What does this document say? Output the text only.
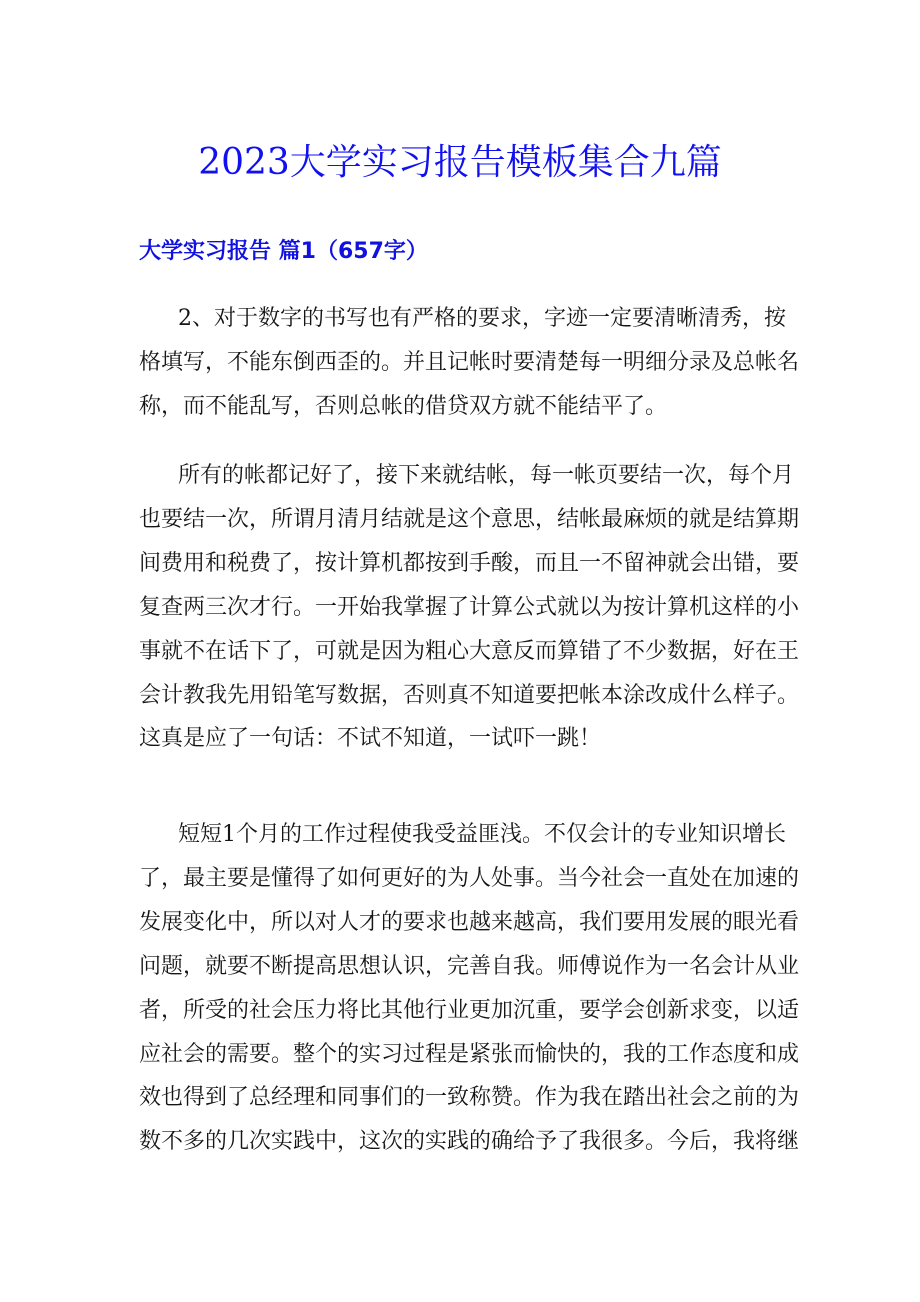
2023大学实习报告模板集合九篇
大学实习报告 篇1（657字）
2、对于数字的书写也有严格的要求，字迹一定要清晰清秀，按
格填写，不能东倒西歪的。并且记帐时要清楚每一明细分录及总帐名
称，而不能乱写，否则总帐的借贷双方就不能结平了。
所有的帐都记好了，接下来就结帐，每一帐页要结一次，每个月
也要结一次，所谓月清月结就是这个意思，结帐最麻烦的就是结算期
间费用和税费了，按计算机都按到手酸，而且一不留神就会出错，要
复查两三次才行。一开始我掌握了计算公式就以为按计算机这样的小
事就不在话下了，可就是因为粗心大意反而算错了不少数据，好在王
会计教我先用铅笔写数据，否则真不知道要把帐本涂改成什么样子。
这真是应了一句话：不试不知道，一试吓一跳！
短短1个月的工作过程使我受益匪浅。不仅会计的专业知识增长
了，最主要是懂得了如何更好的为人处事。当今社会一直处在加速的
发展变化中，所以对人才的要求也越来越高，我们要用发展的眼光看
问题，就要不断提高思想认识，完善自我。师傅说作为一名会计从业
者，所受的社会压力将比其他行业更加沉重，要学会创新求变，以适
应社会的需要。整个的实习过程是紧张而愉快的，我的工作态度和成
效也得到了总经理和同事们的一致称赞。作为我在踏出社会之前的为
数不多的几次实践中，这次的实践的确给予了我很多。今后，我将继
